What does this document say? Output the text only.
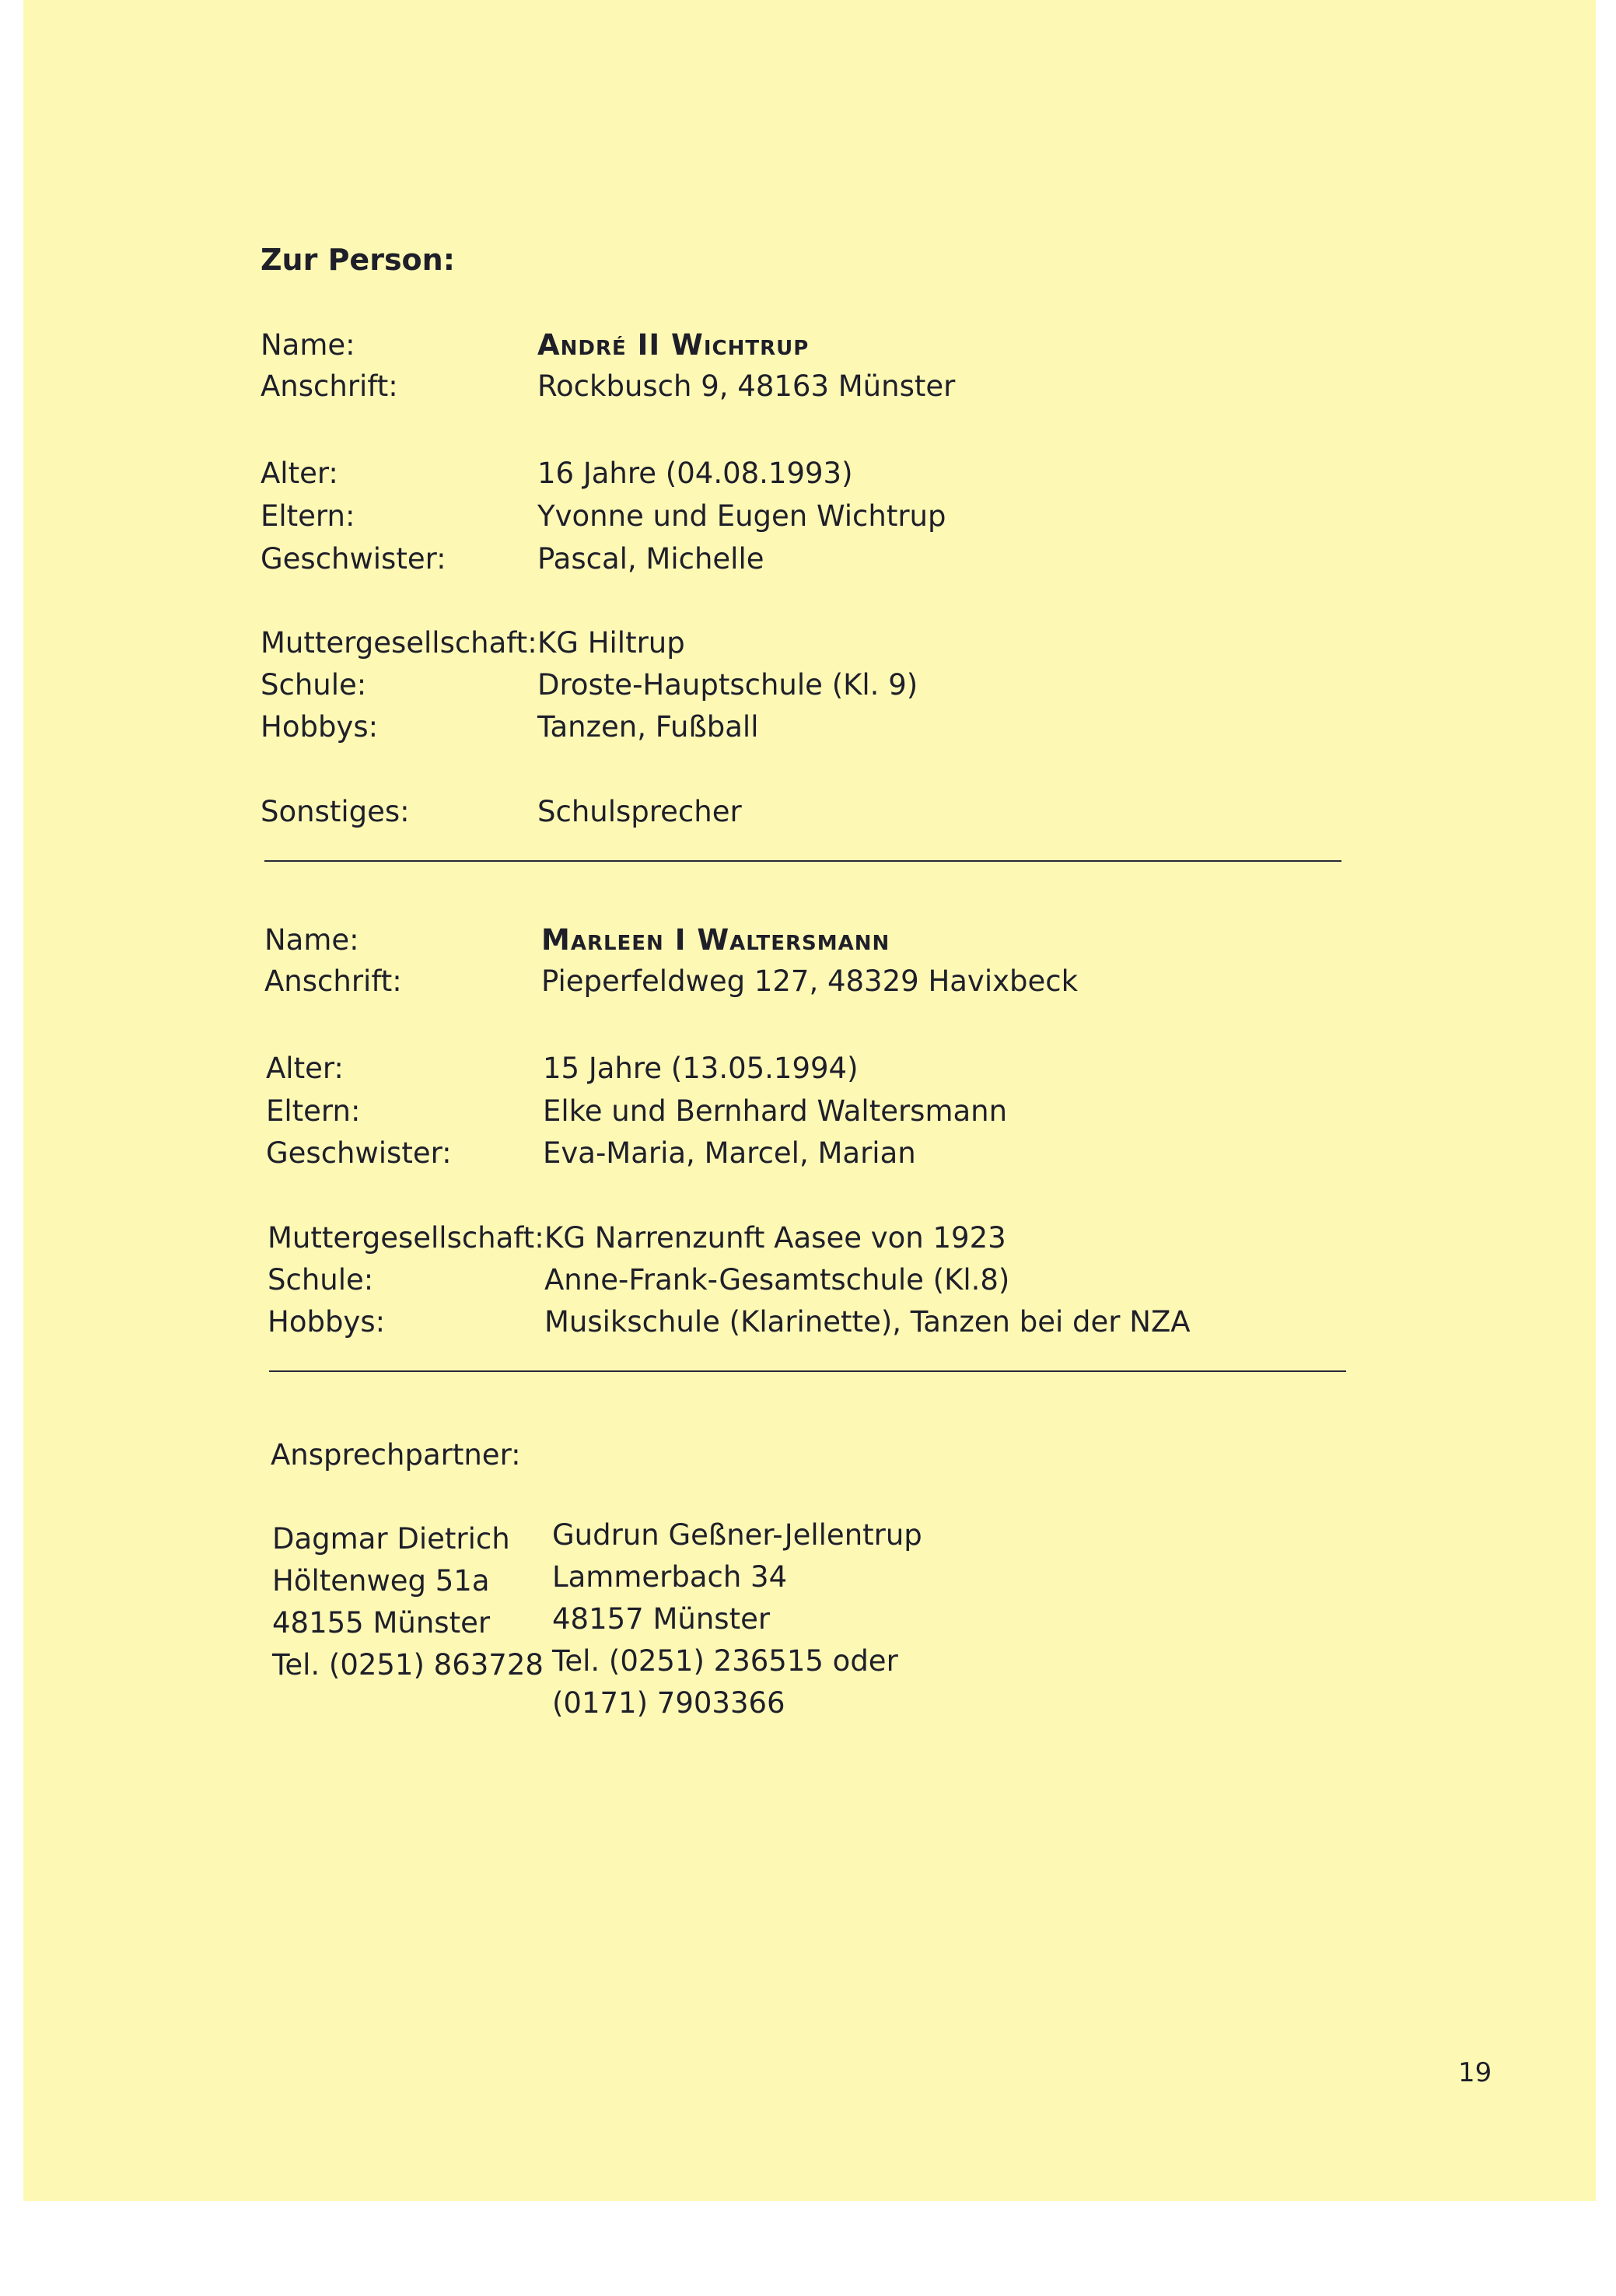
Zur Person:
Name:	André II Wichtrup
Anschrift:	Rockbusch 9, 48163 Münster
Alter:	16 Jahre (04.08.1993)
Eltern:	Yvonne und Eugen Wichtrup
Geschwister:	Pascal, Michelle
Muttergesellschaft: KG Hiltrup
Schule:	Droste-Hauptschule (Kl. 9)
Hobbys:	Tanzen, Fußball
Sonstiges:	Schulsprecher
Name:	Marleen I Waltersmann
Anschrift:	Pieperfeldweg 127, 48329 Havixbeck
Alter:	15 Jahre (13.05.1994)
Eltern:	Elke und Bernhard Waltersmann
Geschwister:	Eva-Maria, Marcel, Marian
Muttergesellschaft: KG Narrenzunft Aasee von 1923
Schule:	Anne-Frank-Gesamtschule (Kl.8)
Hobbys:	Musikschule (Klarinette), Tanzen bei der NZA
Ansprechpartner:
Dagmar Dietrich
Höltenweg 51a
48155 Münster
Tel. (0251) 863728
Gudrun Geßner-Jellentrup
Lammerbach 34
48157 Münster
Tel. (0251) 236515 oder
(0171) 7903366
19
